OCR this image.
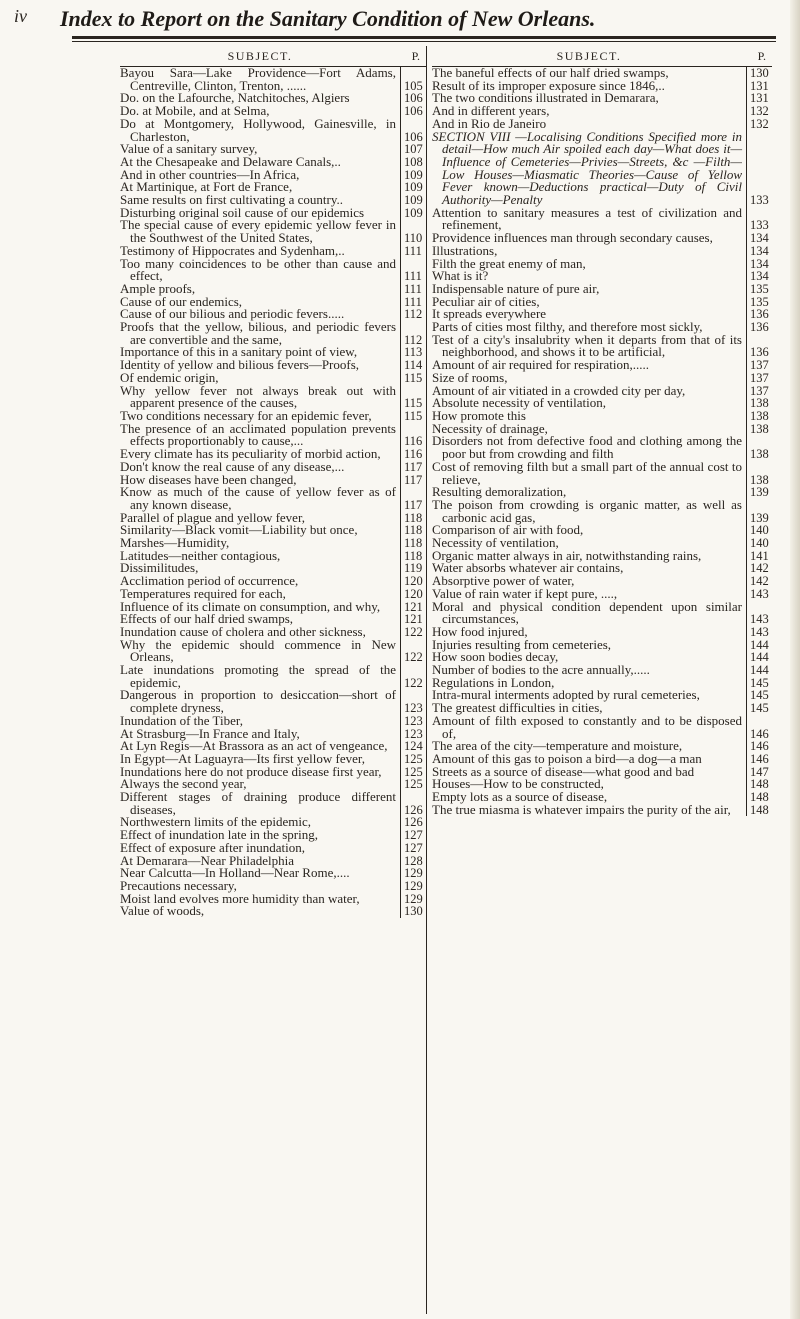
iv Index to Report on the Sanitary Condition of New Orleans.
SUBJECT.	P.
Bayou Sara—Lake Providence—Fort Adams, Centreville, Clinton, Trenton, ......	105
Do. on the Lafourche, Natchitoches, Algiers	106
Do. at Mobile, and at Selma,	106
Do at Montgomery, Hollywood, Gainesville, in Charleston,	106
Value of a sanitary survey,	107
At the Chesapeake and Delaware Canals,..	108
And in other countries—In Africa,	109
At Martinique, at Fort de France,	109
Same results on first cultivating a country..	109
Disturbing original soil cause of our epidemics	109
The special cause of every epidemic yellow fever in the Southwest of the United States,	110
Testimony of Hippocrates and Sydenham,..	111
Too many coincidences to be other than cause and effect,	111
Ample proofs,	111
Cause of our endemics,	111
Cause of our bilious and periodic fevers.....	112
Proofs that the yellow, bilious, and periodic fevers are convertible and the same,	112
Importance of this in a sanitary point of view,	113
Identity of yellow and bilious fevers—Proofs,	114
Of endemic origin,	115
Why yellow fever not always break out with apparent presence of the causes,	115
Two conditions necessary for an epidemic fever,	115
The presence of an acclimated population prevents effects proportionably to cause,...	116
Every climate has its peculiarity of morbid action,	116
Don't know the real cause of any disease,...	117
How diseases have been changed,	117
Know as much of the cause of yellow fever as of any known disease,	117
Parallel of plague and yellow fever,	118
Similarity—Black vomit—Liability but once,	118
Marshes—Humidity,	118
Latitudes—neither contagious,	118
Dissimilitudes,	119
Acclimation period of occurrence,	120
Temperatures required for each,	120
Influence of its climate on consumption, and why,	121
Effects of our half dried swamps,	121
Inundation cause of cholera and other sickness,	122
Why the epidemic should commence in New Orleans,	122
Late inundations promoting the spread of the epidemic,	122
Dangerous in proportion to desiccation—short of complete dryness,	123
Inundation of the Tiber,	123
At Strasburg—In France and Italy,	123
At Lyn Regis—At Brassora as an act of vengeance,	124
In Egypt—At Laguayra—Its first yellow fever,	125
Inundations here do not produce disease first year,	125
Always the second year,	125
Different stages of draining produce different diseases,	126
Northwestern limits of the epidemic,	126
Effect of inundation late in the spring,	127
Effect of exposure after inundation,	127
At Demarara—Near Philadelphia	128
Near Calcutta—In Holland—Near Rome,....	129
Precautions necessary,	129
Moist land evolves more humidity than water,	129
Value of woods,	130
SUBJECT.	P.
The baneful effects of our half dried swamps,	130
Result of its improper exposure since 1846,..	131
The two conditions illustrated in Demarara,	131
And in different years,	132
And in Rio de Janeiro	132
SECTION VIII —Localising Conditions Specified more in detail—How much Air spoiled each day—What does it—Influence of Cemeteries—Privies—Streets, &c —Filth—Low Houses—Miasmatic Theories—Cause of Yellow Fever known—Deductions practical—Duty of Civil Authority—Penalty	133
Attention to sanitary measures a test of civilization and refinement,	133
Providence influences man through secondary causes,	134
Illustrations,	134
Filth the great enemy of man,	134
What is it?	134
Indispensable nature of pure air,	135
Peculiar air of cities,	135
It spreads everywhere	136
Parts of cities most filthy, and therefore most sickly,	136
Test of a city's insalubrity when it departs from that of its neighborhood, and shows it to be artificial,	136
Amount of air required for respiration,.....	137
Size of rooms,	137
Amount of air vitiated in a crowded city per day,	137
Absolute necessity of ventilation,	138
How promote this	138
Necessity of drainage,	138
Disorders not from defective food and clothing among the poor but from crowding and filth	138
Cost of removing filth but a small part of the annual cost to relieve,	138
Resulting demoralization,	139
The poison from crowding is organic matter, as well as carbonic acid gas,	139
Comparison of air with food,	140
Necessity of ventilation,	140
Organic matter always in air, notwithstanding rains,	141
Water absorbs whatever air contains,	142
Absorptive power of water,	142
Value of rain water if kept pure, ....,	143
Moral and physical condition dependent upon similar circumstances,	143
How food injured,	143
Injuries resulting from cemeteries,	144
How soon bodies decay,	144
Number of bodies to the acre annually,.....	144
Regulations in London,	145
Intra-mural interments adopted by rural cemeteries,	145
The greatest difficulties in cities,	145
Amount of filth exposed to constantly and to be disposed of,	146
The area of the city—temperature and moisture,	146
Amount of this gas to poison a bird—a dog—a man	146
Streets as a source of disease—what good and bad	147
Houses—How to be constructed,	148
Empty lots as a source of disease,	148
The true miasma is whatever impairs the purity of the air,	148
